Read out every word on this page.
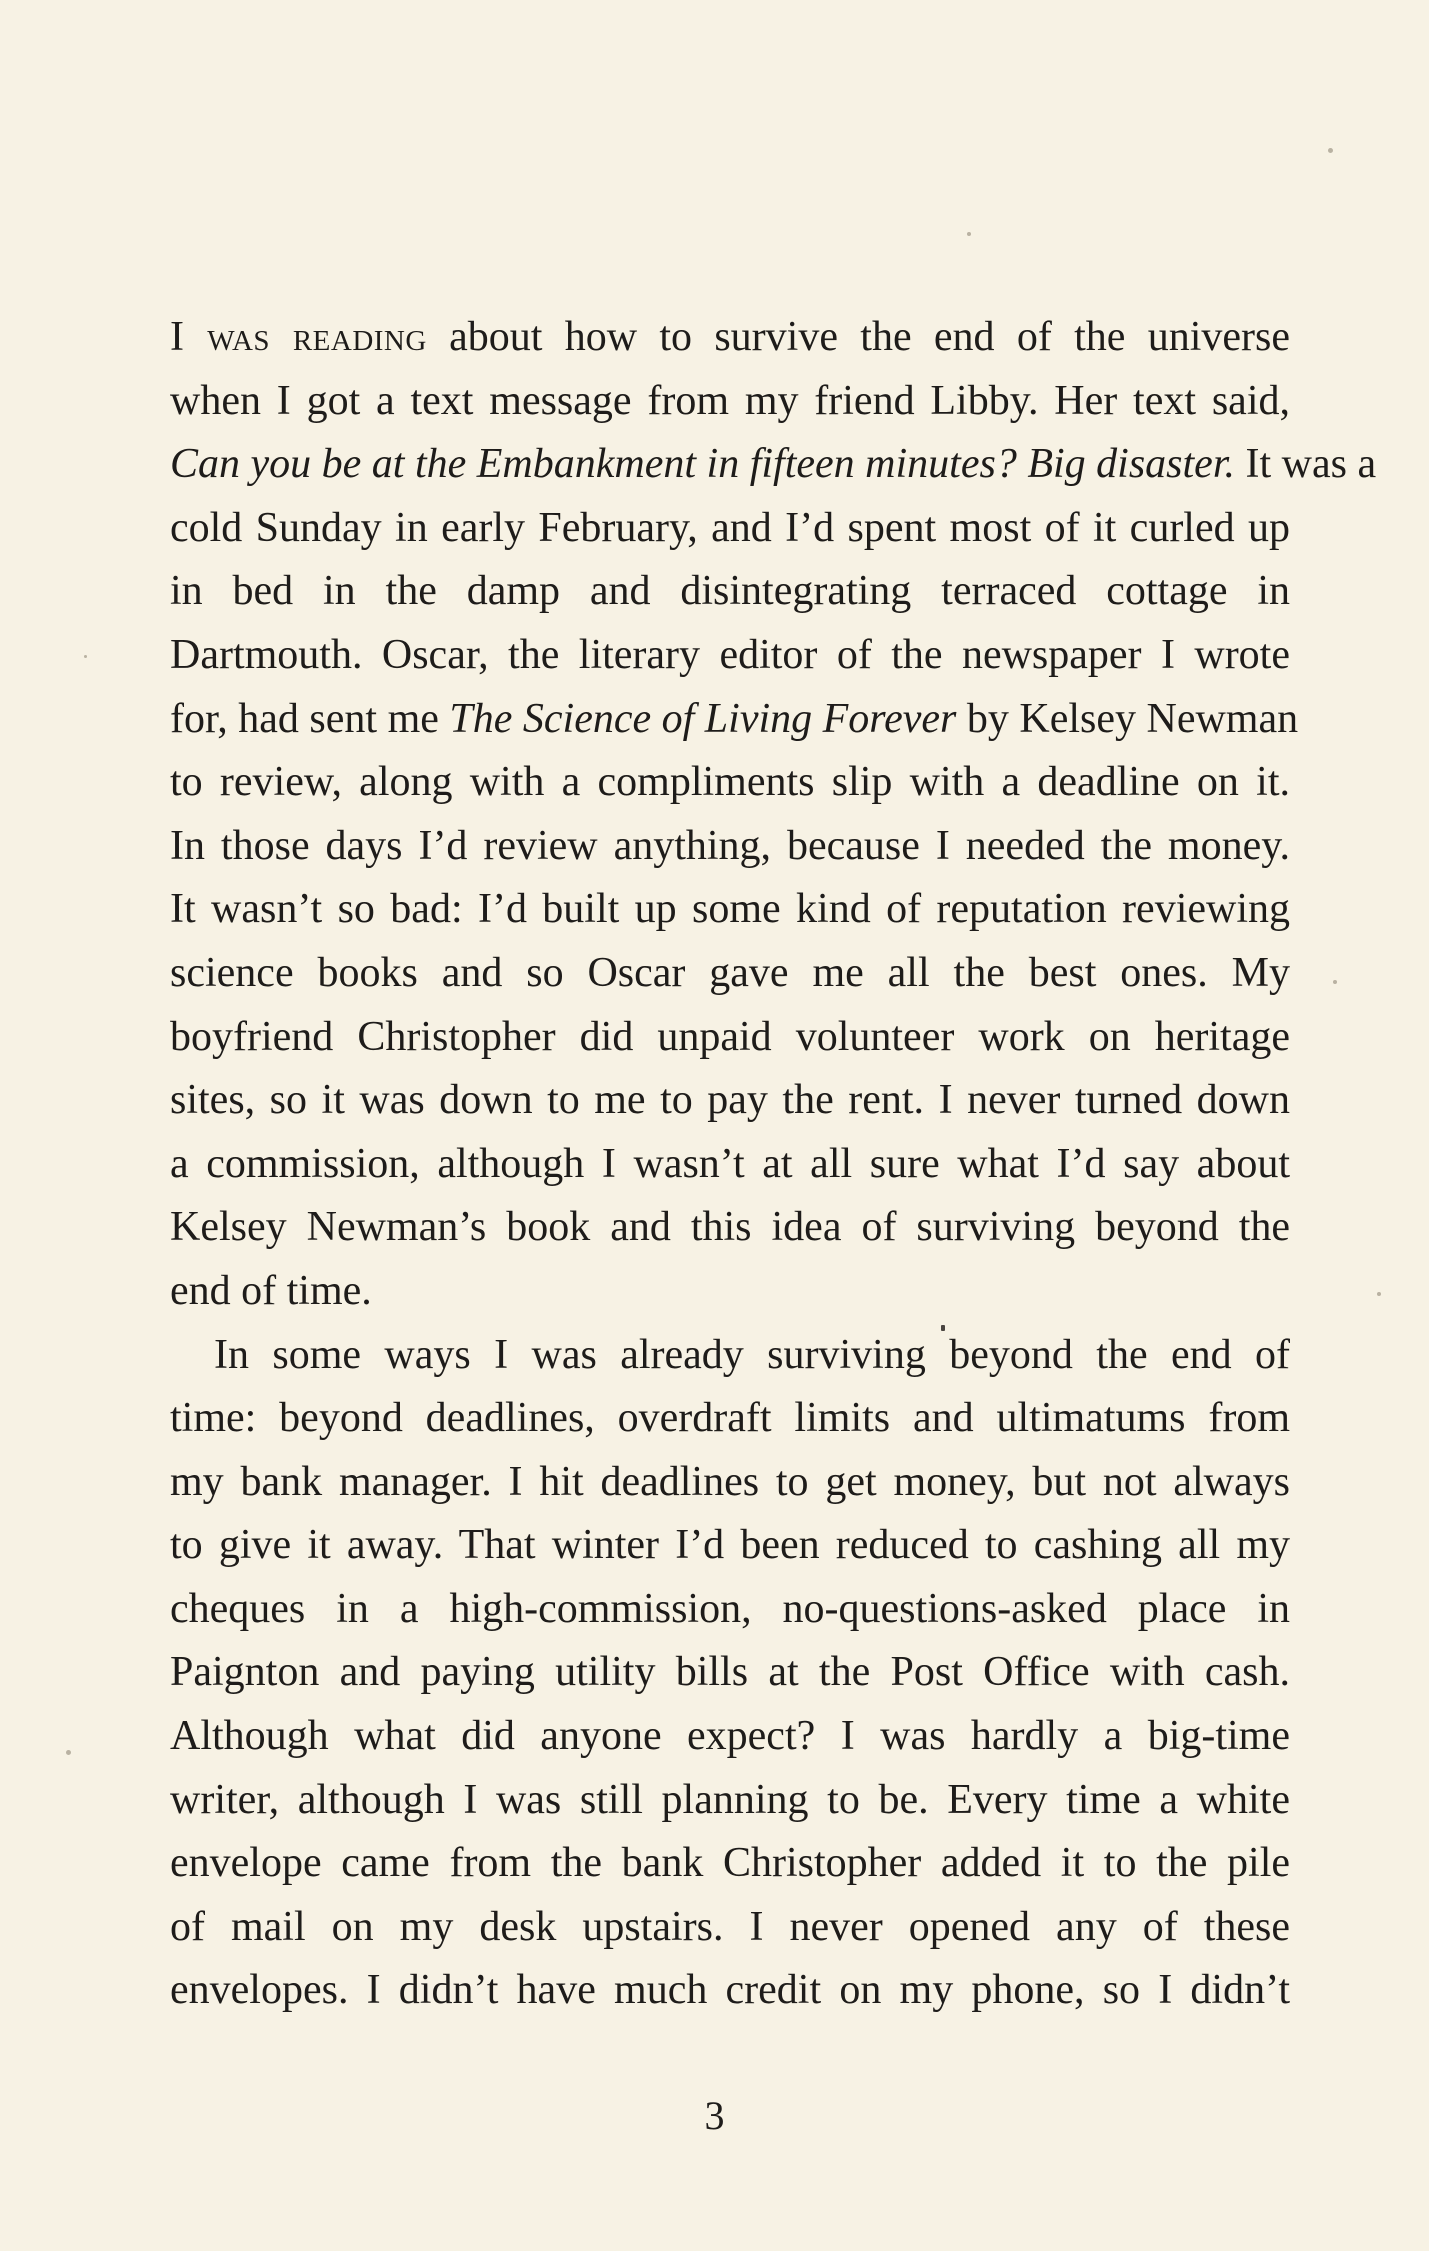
I was reading about how to survive the end of the universe
when I got a text message from my friend Libby. Her text said,
Can you be at the Embankment in fifteen minutes? Big disaster. It was a
cold Sunday in early February, and I’d spent most of it curled up
in bed in the damp and disintegrating terraced cottage in
Dartmouth. Oscar, the literary editor of the newspaper I wrote
for, had sent me The Science of Living Forever by Kelsey Newman
to review, along with a compliments slip with a deadline on it.
In those days I’d review anything, because I needed the money.
It wasn’t so bad: I’d built up some kind of reputation reviewing
science books and so Oscar gave me all the best ones. My
boyfriend Christopher did unpaid volunteer work on heritage
sites, so it was down to me to pay the rent. I never turned down
a commission, although I wasn’t at all sure what I’d say about
Kelsey Newman’s book and this idea of surviving beyond the
end of time.
In some ways I was already surviving beyond the end of
time: beyond deadlines, overdraft limits and ultimatums from
my bank manager. I hit deadlines to get money, but not always
to give it away. That winter I’d been reduced to cashing all my
cheques in a high-commission, no-questions-asked place in
Paignton and paying utility bills at the Post Office with cash.
Although what did anyone expect? I was hardly a big-time
writer, although I was still planning to be. Every time a white
envelope came from the bank Christopher added it to the pile
of mail on my desk upstairs. I never opened any of these
envelopes. I didn’t have much credit on my phone, so I didn’t
3
